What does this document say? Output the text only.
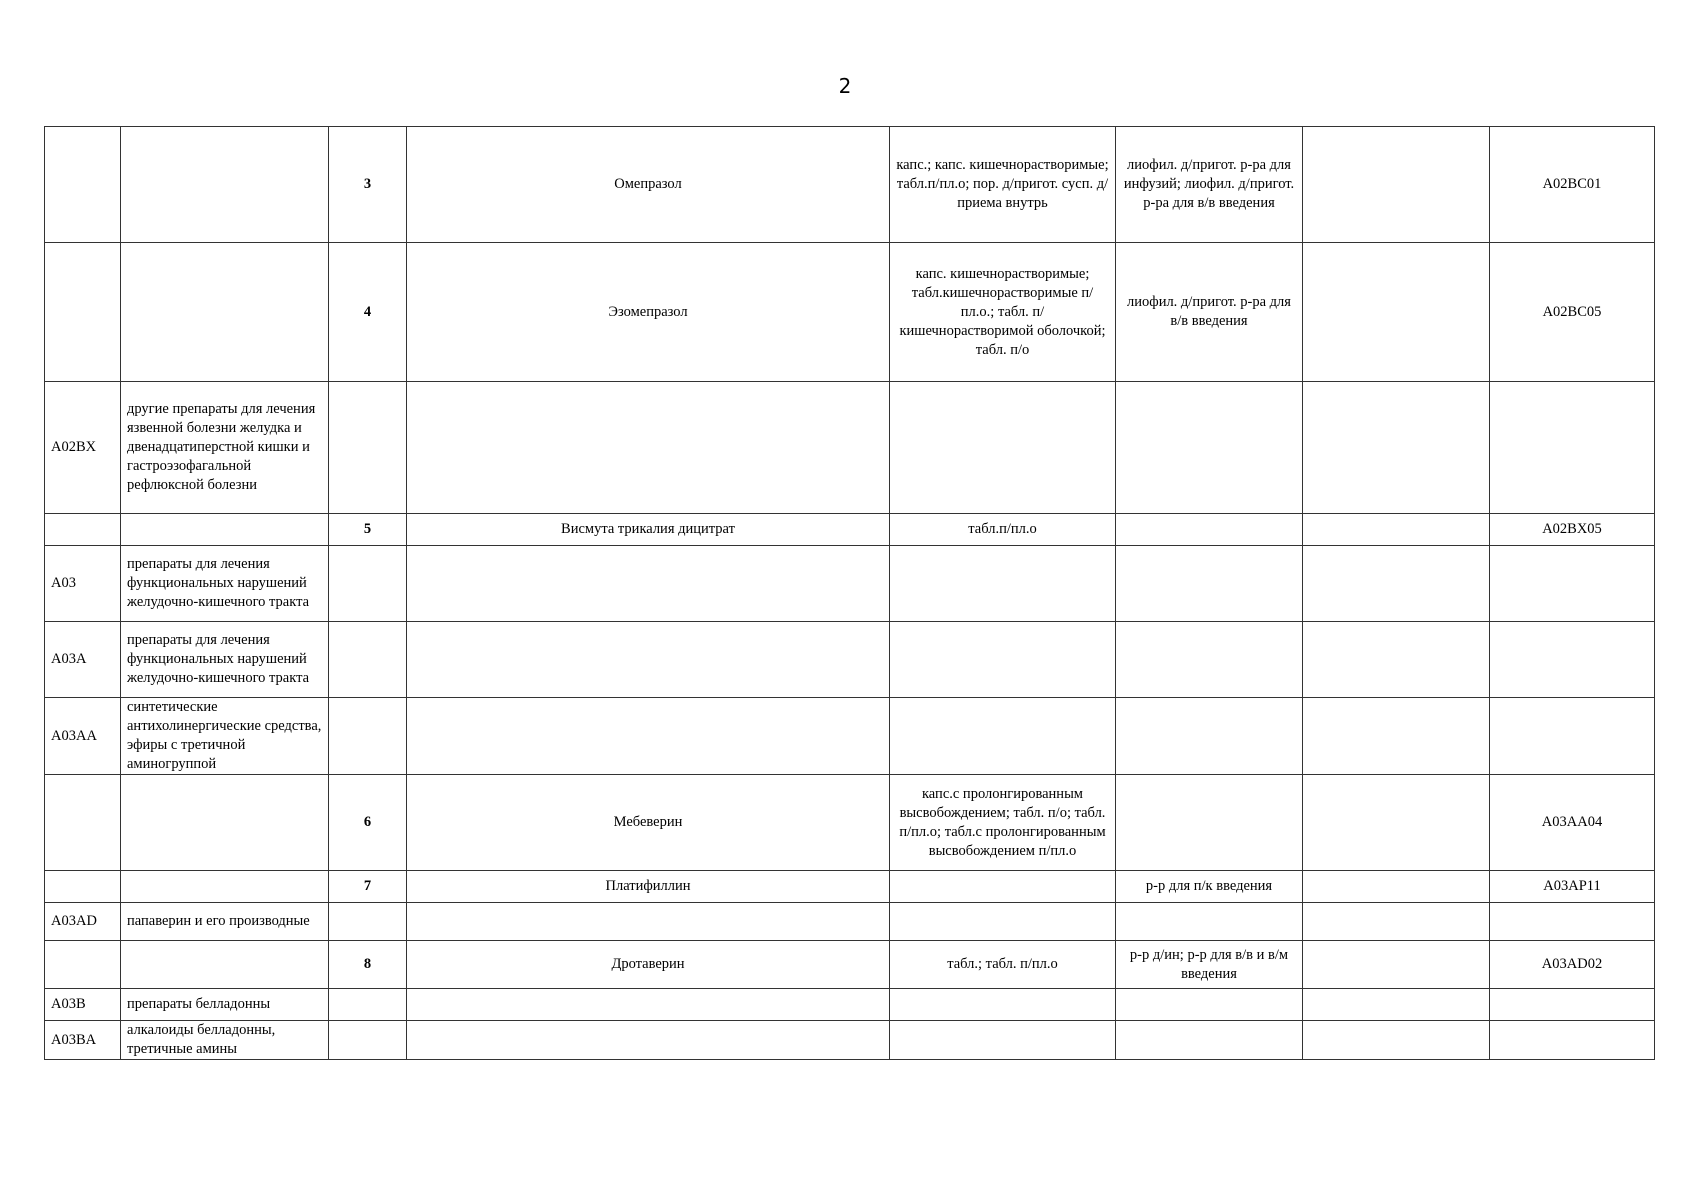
2
		3	Омепразол	капс.; капс. кишечнорастворимые; табл.п/пл.о; пор. д/пригот. сусп. д/приема внутрь	лиофил. д/пригот. р-ра для инфузий; лиофил. д/пригот. р-ра для в/в введения		A02BC01
		4	Эзомепразол	капс. кишечнорастворимые; табл.кишечнорастворимые п/пл.о.; табл. п/кишечнорастворимой оболочкой; табл. п/о	лиофил. д/пригот. р-ра для в/в введения		A02BC05
A02BX	другие препараты для лечения язвенной болезни желудка и двенадцатиперстной кишки и гастроэзофагальной рефлюксной болезни						
		5	Висмута трикалия дицитрат	табл.п/пл.о			A02BX05
A03	препараты для лечения функциональных нарушений желудочно-кишечного тракта						
A03A	препараты для лечения функциональных нарушений желудочно-кишечного тракта						
A03AA	синтетические антихолинергические средства, эфиры с третичной аминогруппой						
		6	Мебеверин	капс.с пролонгированным высвобождением; табл. п/о; табл. п/пл.о; табл.с пролонгированным высвобождением п/пл.о			A03AA04
		7	Платифиллин		р-р для п/к введения		A03AP11
A03AD	папаверин и его производные						
		8	Дротаверин	табл.; табл. п/пл.о	р-р д/ин; р-р для в/в и в/м введения		A03AD02
A03B	препараты белладонны						
A03BA	алкалоиды белладонны, третичные амины						
